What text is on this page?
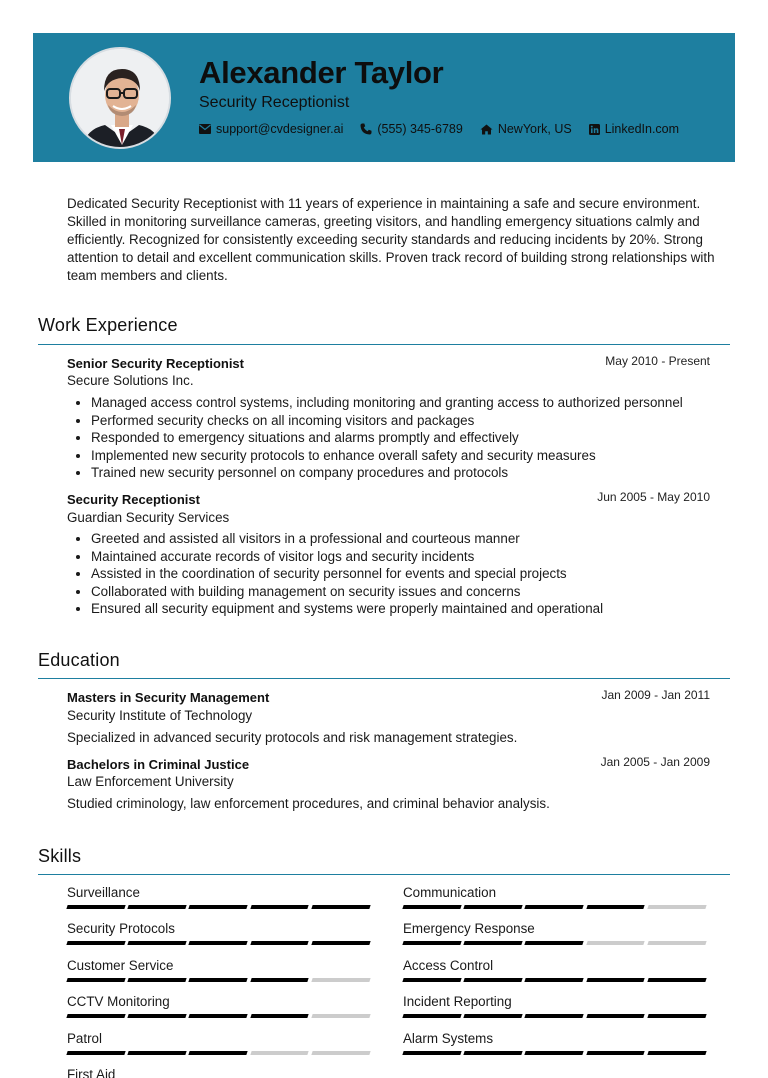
Alexander Taylor
Security Receptionist
support@cvdesigner.ai	(555) 345-6789	NewYork, US	LinkedIn.com

Dedicated Security Receptionist with 11 years of experience in maintaining a safe and secure environment. Skilled in monitoring surveillance cameras, greeting visitors, and handling emergency situations calmly and efficiently. Recognized for consistently exceeding security standards and reducing incidents by 20%. Strong attention to detail and excellent communication skills. Proven track record of building strong relationships with team members and clients.

Work Experience
Senior Security Receptionist	May 2010 - Present
Secure Solutions Inc.
• Managed access control systems, including monitoring and granting access to authorized personnel
• Performed security checks on all incoming visitors and packages
• Responded to emergency situations and alarms promptly and effectively
• Implemented new security protocols to enhance overall safety and security measures
• Trained new security personnel on company procedures and protocols
Security Receptionist	Jun 2005 - May 2010
Guardian Security Services
• Greeted and assisted all visitors in a professional and courteous manner
• Maintained accurate records of visitor logs and security incidents
• Assisted in the coordination of security personnel for events and special projects
• Collaborated with building management on security issues and concerns
• Ensured all security equipment and systems were properly maintained and operational
Education
Masters in Security Management	Jan 2009 - Jan 2011
Security Institute of Technology
Specialized in advanced security protocols and risk management strategies.
Bachelors in Criminal Justice	Jan 2005 - Jan 2009
Law Enforcement University
Studied criminology, law enforcement procedures, and criminal behavior analysis.
Skills
Surveillance	Communication
Security Protocols	Emergency Response
Customer Service	Access Control
CCTV Monitoring	Incident Reporting
Patrol	Alarm Systems
First Aid
